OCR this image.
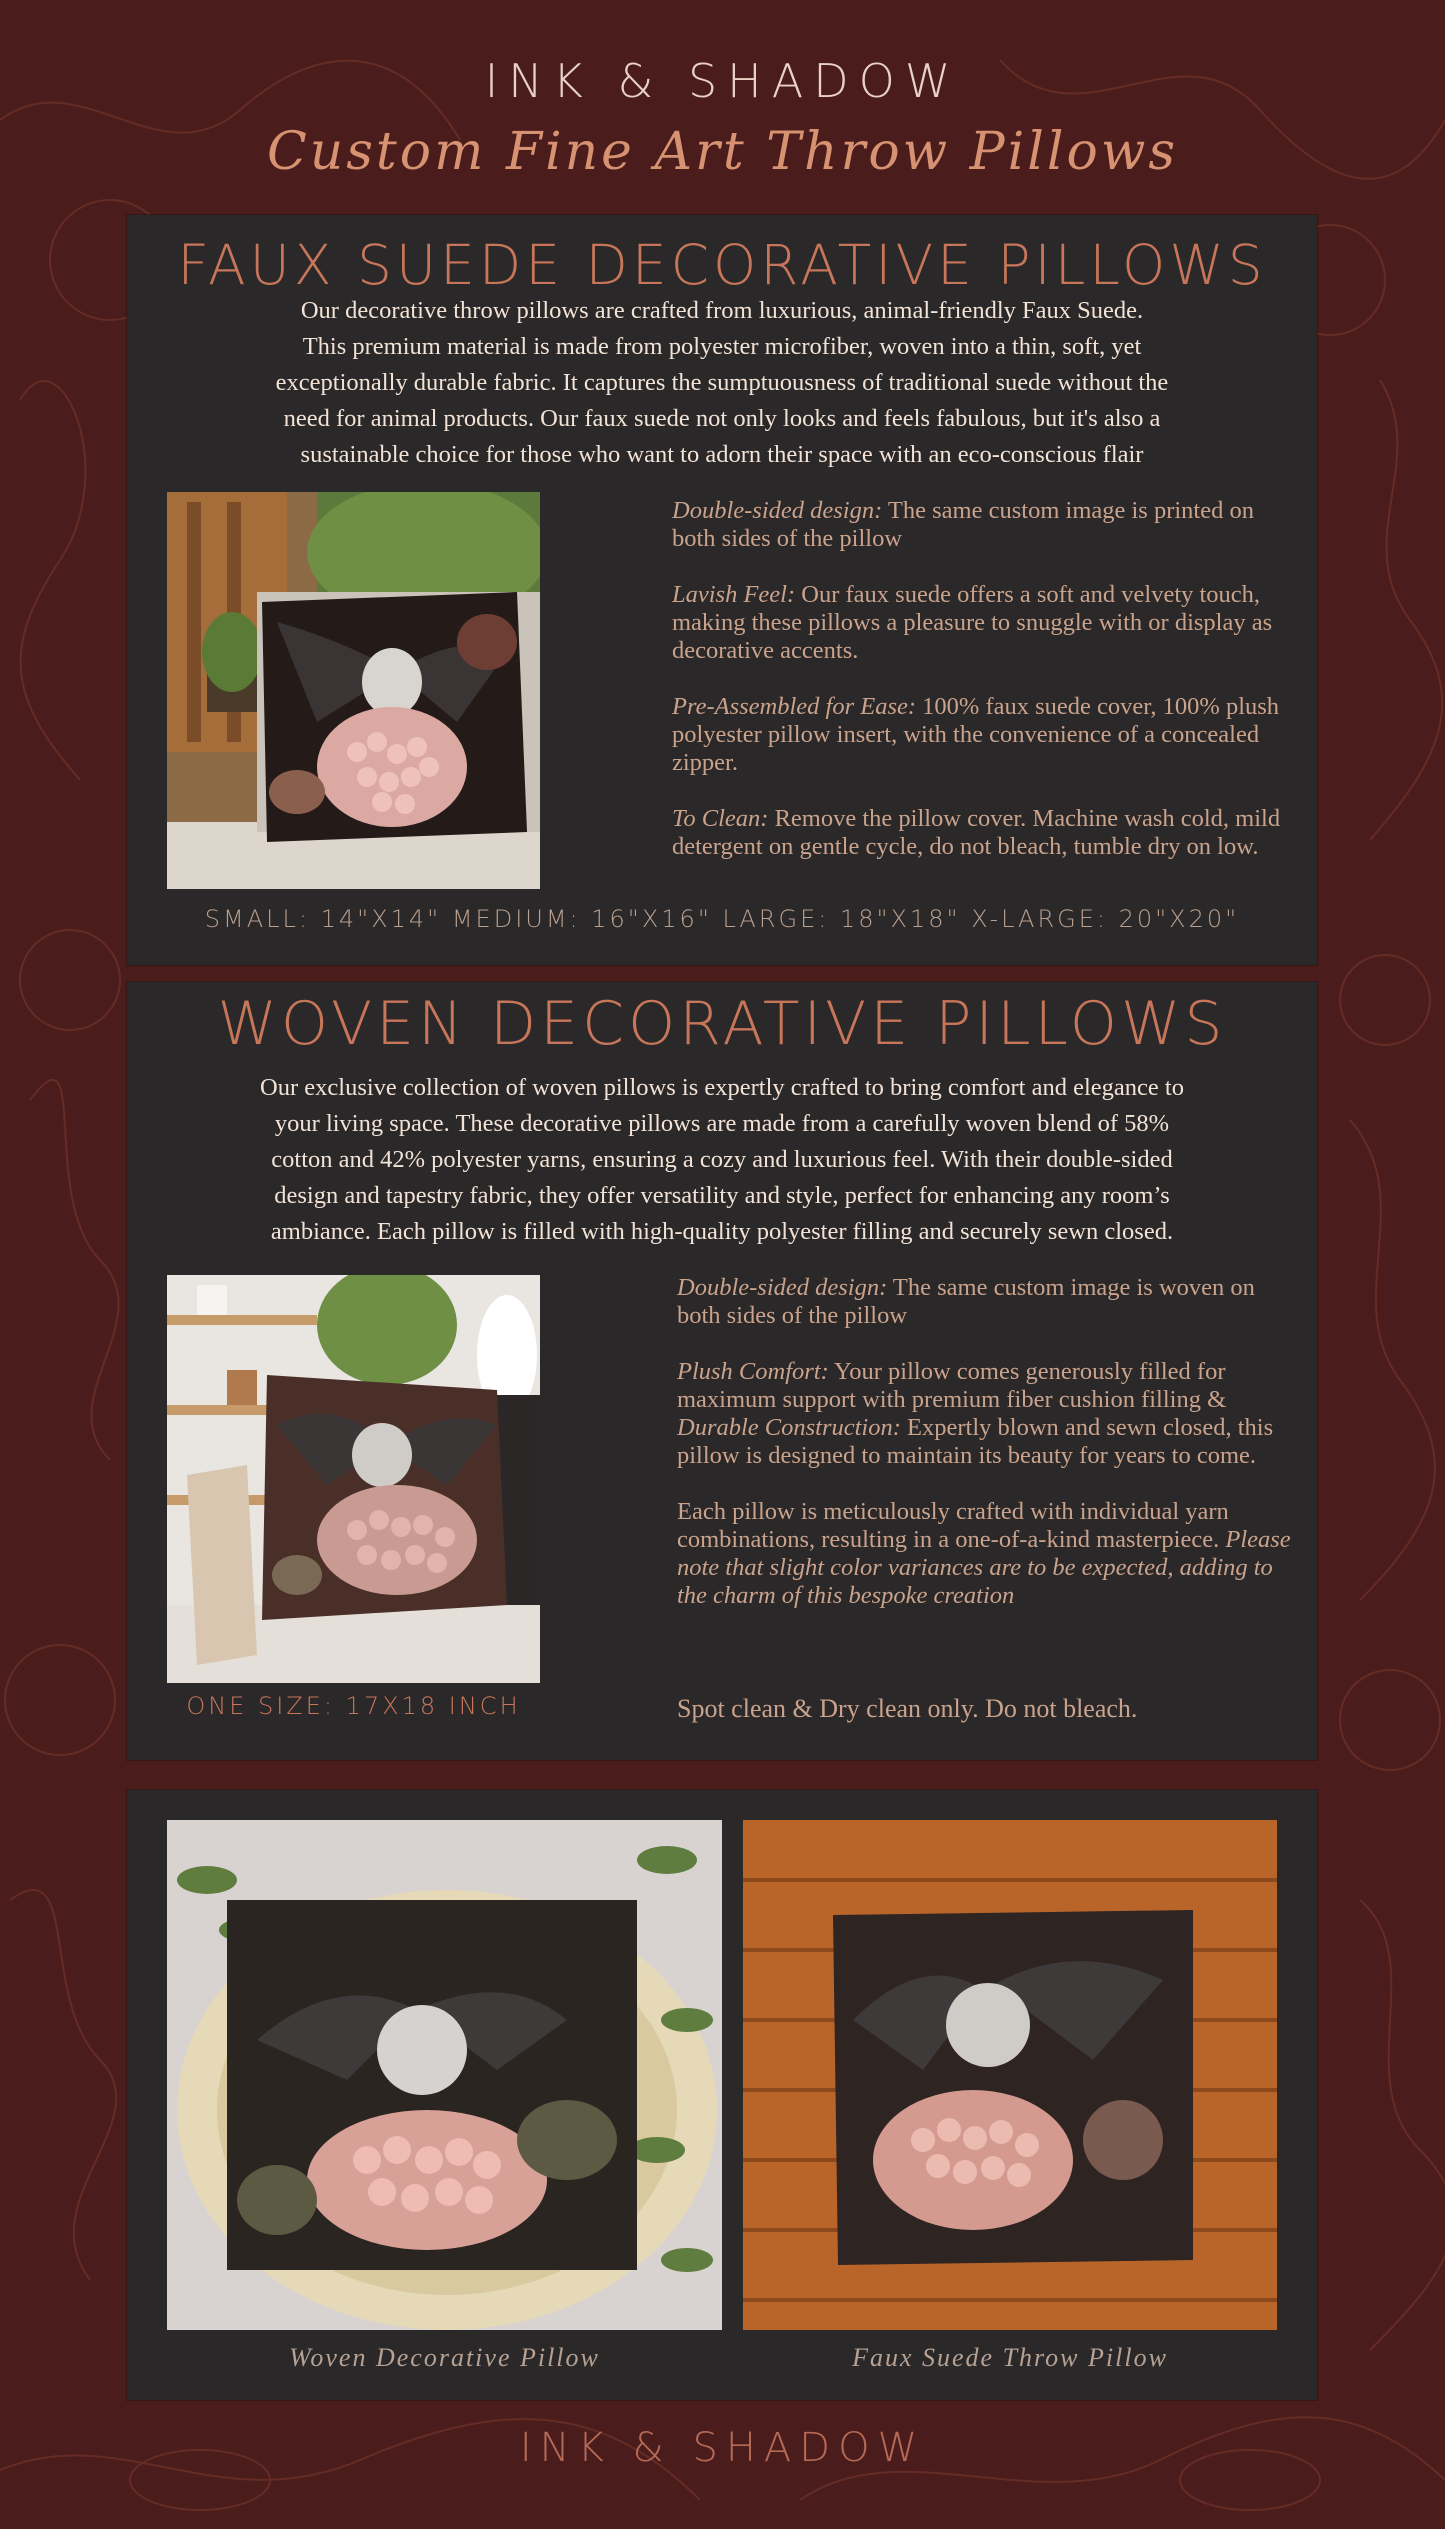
INK & SHADOW
Custom Fine Art Throw Pillows
FAUX SUEDE DECORATIVE PILLOWS
Our decorative throw pillows are crafted from luxurious, animal-friendly Faux Suede.
This premium material is made from polyester microfiber, woven into a thin, soft, yet
exceptionally durable fabric. It captures the sumptuousness of traditional suede without the
need for animal products. Our faux suede not only looks and feels fabulous, but it's also a
sustainable choice for those who want to adorn their space with an eco-conscious flair
Double-sided design: The same custom image is printed on both sides of the pillow
Lavish Feel: Our faux suede offers a soft and velvety touch, making these pillows a pleasure to snuggle with or display as decorative accents.
Pre-Assembled for Ease: 100% faux suede cover, 100% plush polyester pillow insert, with the convenience of a concealed zipper.
To Clean: Remove the pillow cover. Machine wash cold, mild detergent on gentle cycle, do not bleach, tumble dry on low.
SMALL: 14"X14" MEDIUM: 16"X16" LARGE: 18"X18" X-LARGE: 20"X20"
WOVEN DECORATIVE PILLOWS
Our exclusive collection of woven pillows is expertly crafted to bring comfort and elegance to
your living space. These decorative pillows are made from a carefully woven blend of 58%
cotton and 42% polyester yarns, ensuring a cozy and luxurious feel. With their double-sided
design and tapestry fabric, they offer versatility and style, perfect for enhancing any room’s
ambiance. Each pillow is filled with high-quality polyester filling and securely sewn closed.
Double-sided design: The same custom image is woven on both sides of the pillow
Plush Comfort: Your pillow comes generously filled for maximum support with premium fiber cushion filling & Durable Construction: Expertly blown and sewn closed, this pillow is designed to maintain its beauty for years to come.
Each pillow is meticulously crafted with individual yarn combinations, resulting in a one-of-a-kind masterpiece. Please note that slight color variances are to be expected, adding to the charm of this bespoke creation
ONE SIZE: 17X18 INCH	Spot clean & Dry clean only. Do not bleach.
Woven Decorative Pillow	Faux Suede Throw Pillow
INK & SHADOW
